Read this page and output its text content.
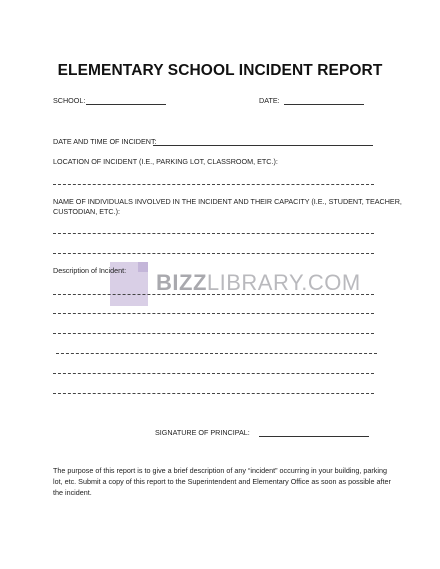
ELEMENTARY SCHOOL INCIDENT REPORT
SCHOOL:	DATE:
DATE AND TIME OF INCIDENT:
LOCATION OF INCIDENT (I.E., PARKING LOT, CLASSROOM, ETC.):
NAME OF INDIVIDUALS INVOLVED IN THE INCIDENT AND THEIR CAPACITY (I.E., STUDENT, TEACHER,
CUSTODIAN, ETC.):
BIZZLIBRARY.COM
Description of Incident:
SIGNATURE OF PRINCIPAL:
The purpose of this report is to give a brief description of any “incident” occurring in your building, parking lot, etc. Submit a copy of this report to the Superintendent and Elementary Office as soon as possible after the incident.
